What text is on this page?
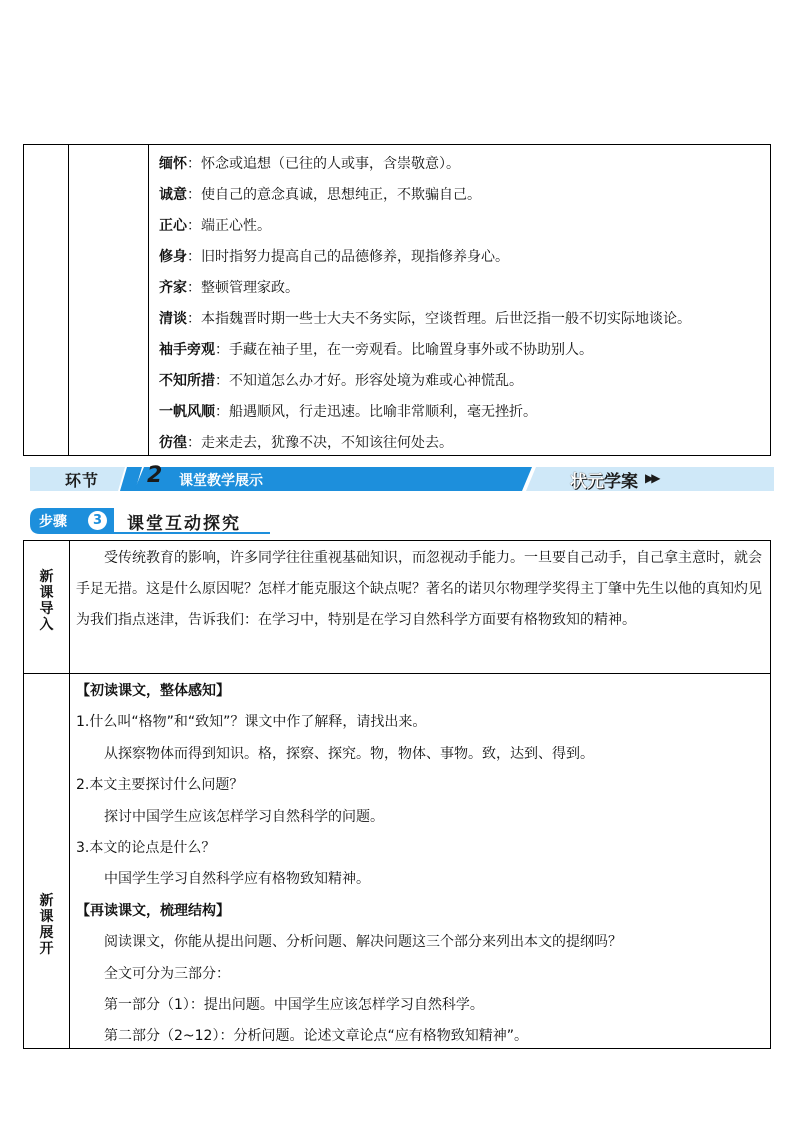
缅怀：怀念或追想（已往的人或事，含崇敬意）。
诚意：使自己的意念真诚，思想纯正，不欺骗自己。
正心：端正心性。
修身：旧时指努力提高自己的品德修养，现指修养身心。
齐家：整顿管理家政。
清谈：本指魏晋时期一些士大夫不务实际，空谈哲理。后世泛指一般不切实际地谈论。
袖手旁观：手藏在袖子里，在一旁观看。比喻置身事外或不协助别人。
不知所措：不知道怎么办才好。形容处境为难或心神慌乱。
一帆风顺：船遇顺风，行走迅速。比喻非常顺利，毫无挫折。
彷徨：走来走去，犹豫不决，不知该往何处去。
环节 2 课堂教学展示	状元学案 ▶▶
步骤	3 课堂互动探究
新
课
导
入

受传统教育的影响，许多同学往往重视基础知识，而忽视动手能力。一旦要自己动手，自己拿主意时，就会手足无措。这是什么原因呢？怎样才能克服这个缺点呢？著名的诺贝尔物理学奖得主丁肇中先生以他的真知灼见为我们指点迷津，告诉我们：在学习中，特别是在学习自然科学方面要有格物致知的精神。

新
课
展
开
【初读课文，整体感知】
1.什么叫“格物”和“致知”？课文中作了解释，请找出来。
从探察物体而得到知识。格，探察、探究。物，物体、事物。致，达到、得到。
2.本文主要探讨什么问题？
探讨中国学生应该怎样学习自然科学的问题。
3.本文的论点是什么？
中国学生学习自然科学应有格物致知精神。
【再读课文，梳理结构】
阅读课文，你能从提出问题、分析问题、解决问题这三个部分来列出本文的提纲吗？
全文可分为三部分：
第一部分（1）：提出问题。中国学生应该怎样学习自然科学。
第二部分（2~12）：分析问题。论述文章论点“应有格物致知精神”。
